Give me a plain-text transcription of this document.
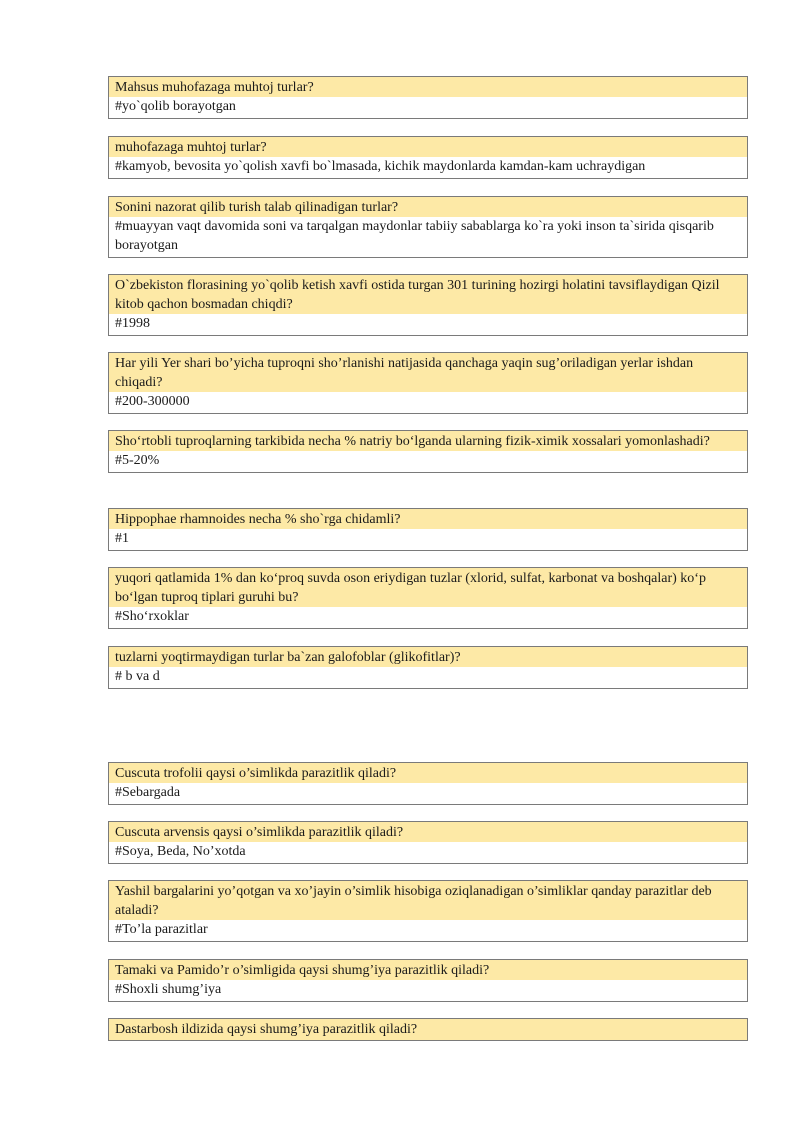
Mahsus muhofazaga muhtoj turlar?
#yo`qolib borayotgan
muhofazaga muhtoj turlar?
#kamyob, bevosita yo`qolish xavfi bo`lmasada, kichik maydonlarda kamdan-kam uchraydigan
Sonini nazorat qilib turish talab qilinadigan turlar?
#muayyan vaqt davomida soni va tarqalgan maydonlar tabiiy sabablarga ko`ra yoki inson ta`sirida qisqarib borayotgan
O`zbekiston florasining yo`qolib ketish xavfi ostida turgan 301 turining hozirgi holatini tavsiflaydigan Qizil kitob qachon bosmadan chiqdi?
#1998
Har yili Yer shari bo’yicha tuproqni sho’rlanishi natijasida qanchaga yaqin sug’oriladigan yerlar ishdan chiqadi?
#200-300000
Sho‘rtobli tuproqlarning tarkibida necha % natriy bo‘lganda ularning fizik-ximik xossalari yomonlashadi?
#5-20%
Hippophae rhamnoides necha % sho`rga chidamli?
#1
yuqori qatlamida 1% dan ko‘proq suvda oson eriydigan tuzlar (xlorid, sulfat, karbonat va boshqalar) ko‘p bo‘lgan tuproq tiplari guruhi bu?
#Sho‘rxoklar
tuzlarni yoqtirmaydigan turlar ba`zan galofoblar (glikofitlar)?
# b va d
Cuscuta trofolii qaysi o’simlikda parazitlik qiladi?
#Sebargada
Cuscuta arvensis qaysi o’simlikda parazitlik qiladi?
#Soya, Beda, No’xotda
Yashil bargalarini yo’qotgan va xo’jayin o’simlik hisobiga oziqlanadigan o’simliklar qanday parazitlar deb ataladi?
#To’la parazitlar
Tamaki va Pamido’r o’simligida qaysi shumg’iya parazitlik qiladi?
#Shoxli shumg’iya
Dastarbosh ildizida qaysi shumg’iya parazitlik qiladi?
